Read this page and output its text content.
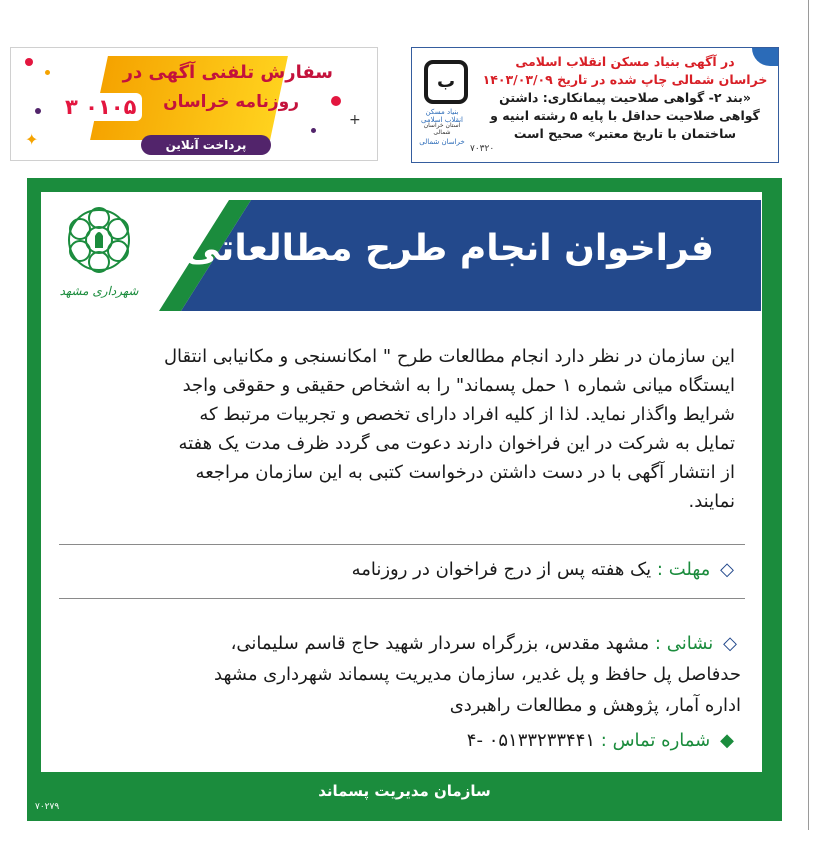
✦
+
سفارش تلفنی آگهی در
روزنامه خراسان
۳ ۰۱۰۵
پرداخت آنلاین
ب
بنیاد مسکن انقلاب اسلامی
استان خراسان شمالی
خراسان شمالی
۷۰۳۲۰
در آگهی بنیاد مسکن انقلاب اسلامی
خراسان شمالی چاپ شده در تاریخ ۱۴۰۳/۰۳/۰۹
«بند ۲- گواهی صلاحیت پیمانکاری: داشتن
گواهی صلاحیت حداقل با پایه ۵ رشته ابنیه و
ساختمان با تاریخ معتبر» صحیح است
فراخوان انجام طرح مطالعاتی
شهرداری مشهد
این سازمان در نظر دارد انجام مطالعات طرح " امکانسنجی و مکانیابی انتقال
ایستگاه میانی شماره ۱ حمل پسماند" را به اشخاص حقیقی و حقوقی واجد
شرایط واگذار نماید. لذا از کلیه افراد دارای تخصص و تجربیات مرتبط که
تمایل به شرکت در این فراخوان دارند دعوت می گردد ظرف مدت یک هفته
از انتشار آگهی با در دست داشتن درخواست کتبی به این سازمان مراجعه
نمایند.
◇ مهلت : یک هفته پس از درج فراخوان در روزنامه
◇ نشانی : مشهد مقدس، بزرگراه سردار شهید حاج قاسم سلیمانی،
حدفاصل پل حافظ و پل غدیر، سازمان مدیریت پسماند شهرداری مشهد
اداره آمار، پژوهش و مطالعات راهبردی
◆ شماره تماس : ۰۵۱۳۳۲۳۳۴۴۱ -۴
سازمان مدیریت پسماند
۷۰۲۷۹
